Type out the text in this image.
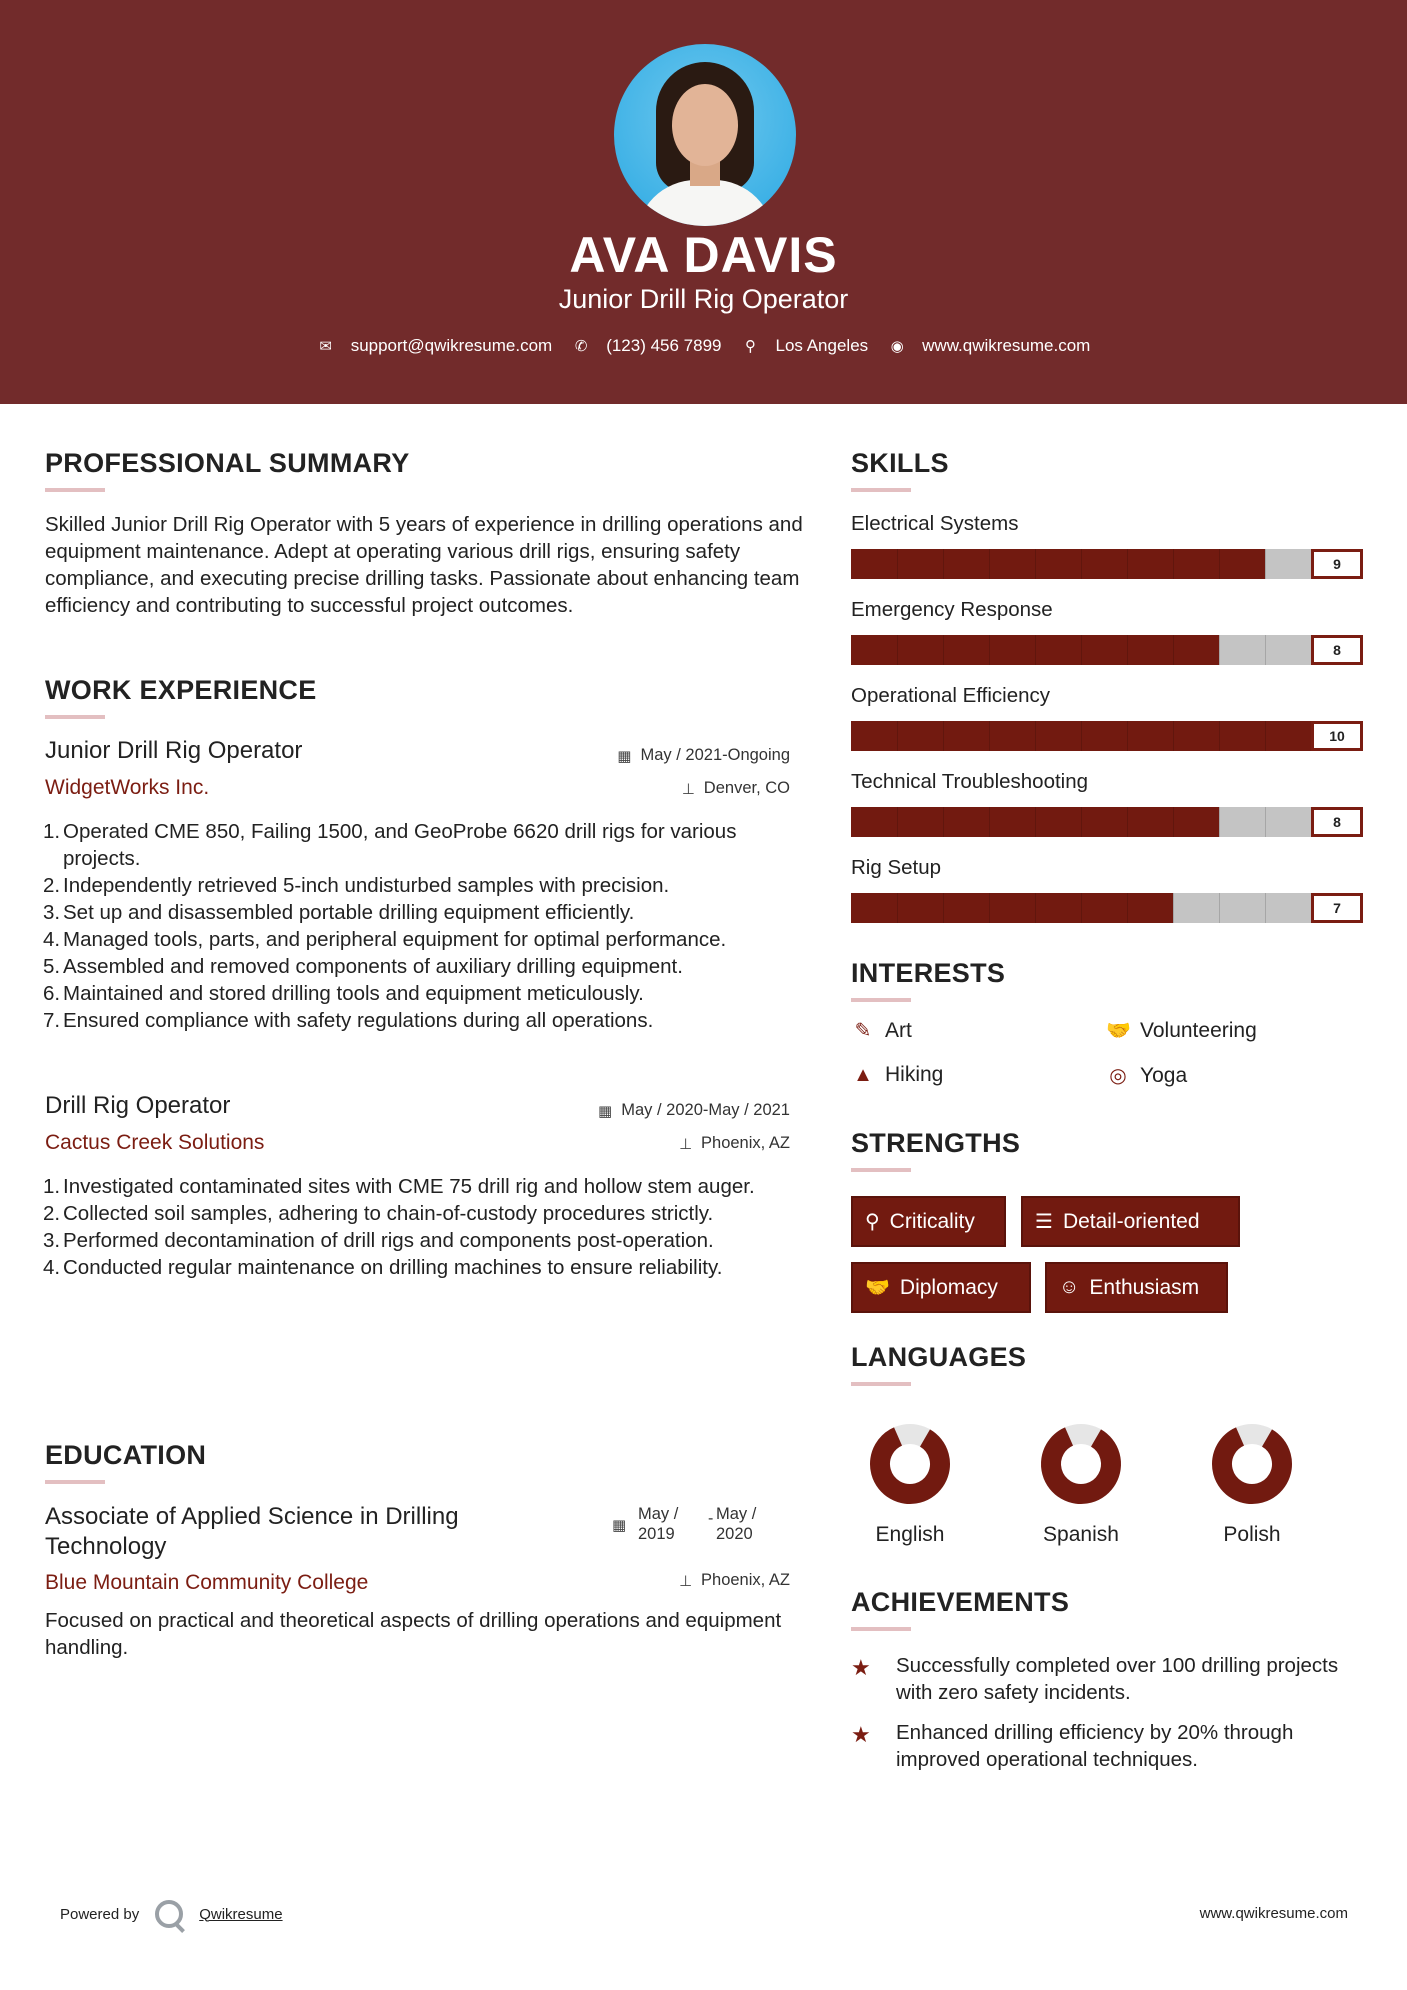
AVA DAVIS
Junior Drill Rig Operator
✉ support@qwikresume.com ✆ (123) 456 7899 ⚲ Los Angeles ◉ www.qwikresume.com
PROFESSIONAL SUMMARY
Skilled Junior Drill Rig Operator with 5 years of experience in drilling operations and equipment maintenance. Adept at operating various drill rigs, ensuring safety compliance, and executing precise drilling tasks. Passionate about enhancing team efficiency and contributing to successful project outcomes.
WORK EXPERIENCE
Junior Drill Rig Operator	▦ May / 2021-Ongoing
WidgetWorks Inc.	⊥ Denver, CO
1. Operated CME 850, Failing 1500, and GeoProbe 6620 drill rigs for various projects.
2. Independently retrieved 5-inch undisturbed samples with precision.
3. Set up and disassembled portable drilling equipment efficiently.
4. Managed tools, parts, and peripheral equipment for optimal performance.
5. Assembled and removed components of auxiliary drilling equipment.
6. Maintained and stored drilling tools and equipment meticulously.
7. Ensured compliance with safety regulations during all operations.
Drill Rig Operator	▦ May / 2020-May / 2021
Cactus Creek Solutions	⊥ Phoenix, AZ
1. Investigated contaminated sites with CME 75 drill rig and hollow stem auger.
2. Collected soil samples, adhering to chain-of-custody procedures strictly.
3. Performed decontamination of drill rigs and components post-operation.
4. Conducted regular maintenance on drilling machines to ensure reliability.
EDUCATION
Associate of Applied Science in Drilling Technology
▦
May / 2019
- May / 2020
Blue Mountain Community College	⊥ Phoenix, AZ
Focused on practical and theoretical aspects of drilling operations and equipment handling.
SKILLS
Electrical Systems
9
Emergency Response
8
Operational Efficiency
10
Technical Troubleshooting
8
Rig Setup
7
INTERESTS
✎ Art	🤝 Volunteering
▲ Hiking	◎ Yoga
STRENGTHS
⚲ Criticality	☰ Detail-oriented
🤝 Diplomacy	☺ Enthusiasm
LANGUAGES
English	Spanish	Polish
ACHIEVEMENTS
★ Successfully completed over 100 drilling projects with zero safety incidents.
★ Enhanced drilling efficiency by 20% through improved operational techniques.
Powered by	Qwikresume	www.qwikresume.com
